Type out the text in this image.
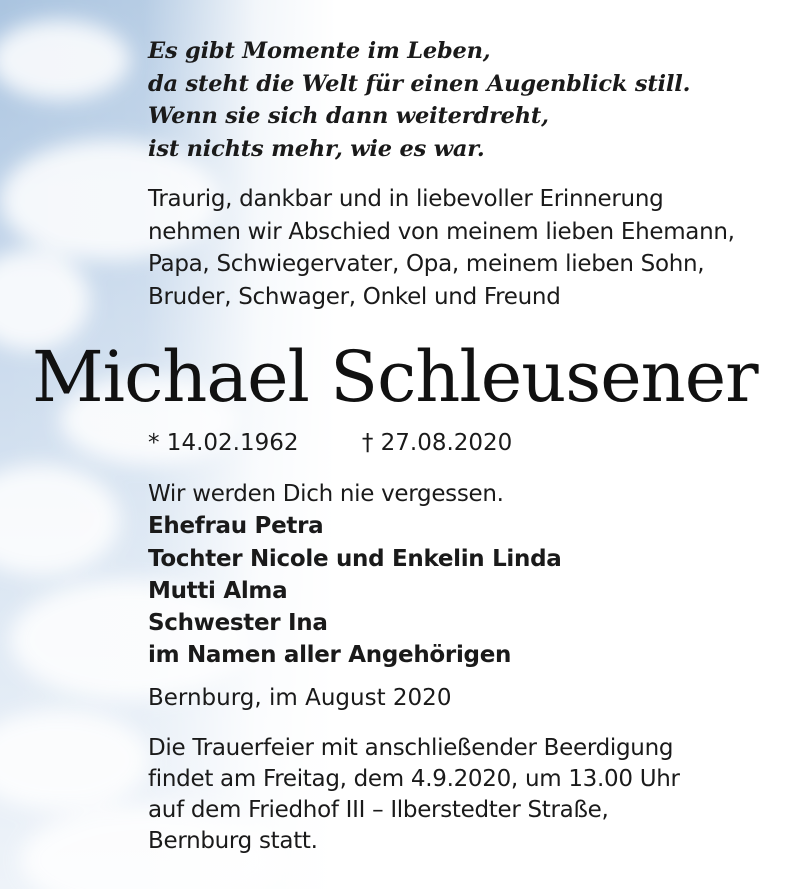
Es gibt Momente im Leben,
da steht die Welt für einen Augenblick still.
Wenn sie sich dann weiterdreht,
ist nichts mehr, wie es war.
Traurig, dankbar und in liebevoller Erinnerung
nehmen wir Abschied von meinem lieben Ehemann,
Papa, Schwiegervater, Opa, meinem lieben Sohn,
Bruder, Schwager, Onkel und Freund
Michael Schleusener
* 14.02.1962	† 27.08.2020
Wir werden Dich nie vergessen.
Ehefrau Petra
Tochter Nicole und Enkelin Linda
Mutti Alma
Schwester Ina
im Namen aller Angehörigen
Bernburg, im August 2020
Die Trauerfeier mit anschließender Beerdigung
findet am Freitag, dem 4.9.2020, um 13.00 Uhr
auf dem Friedhof III – Ilberstedter Straße,
Bernburg statt.
